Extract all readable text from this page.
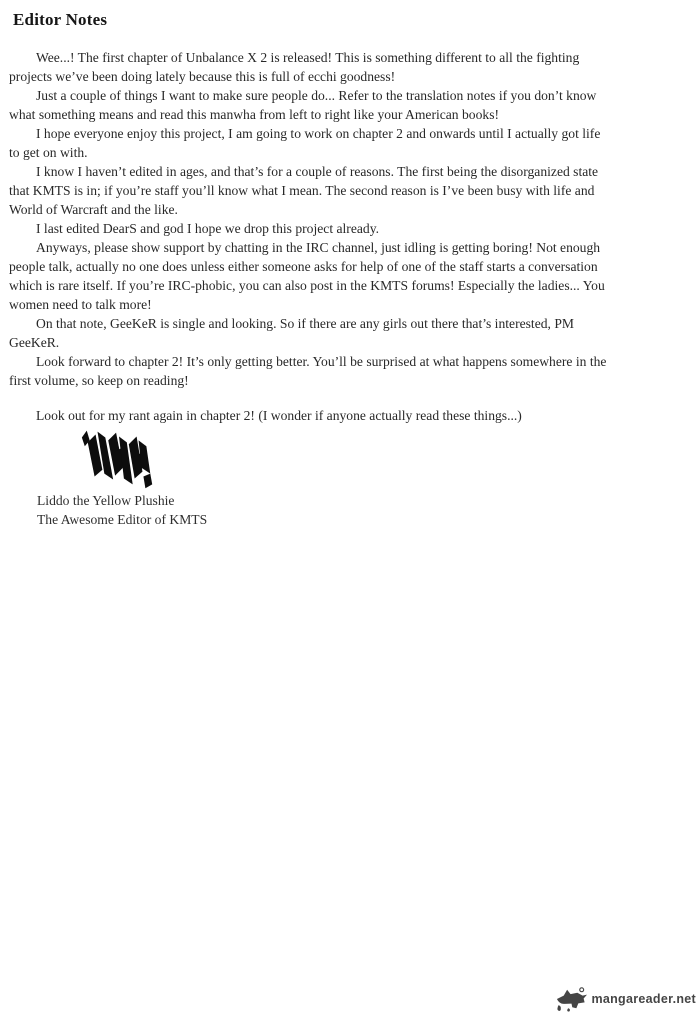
Editor Notes
Wee...! The first chapter of Unbalance X 2 is released! This is something different to all the fighting
projects we’ve been doing lately because this is full of ecchi goodness!
Just a couple of things I want to make sure people do... Refer to the translation notes if you don’t know
what something means and read this manwha from left to right like your American books!
I hope everyone enjoy this project, I am going to work on chapter 2 and onwards until I actually got life
to get on with.
I know I haven’t edited in ages, and that’s for a couple of reasons. The first being the disorganized state
that KMTS is in; if you’re staff you’ll know what I mean. The second reason is I’ve been busy with life and
World of Warcraft and the like.
I last edited DearS and god I hope we drop this project already.
Anyways, please show support by chatting in the IRC channel, just idling is getting boring! Not enough
people talk, actually no one does unless either someone asks for help of one of the staff starts a conversation
which is rare itself. If you’re IRC-phobic, you can also post in the KMTS forums! Especially the ladies... You
women need to talk more!
On that note, GeeKeR is single and looking. So if there are any girls out there that’s interested, PM
GeeKeR.
Look forward to chapter 2! It’s only getting better. You’ll be surprised at what happens somewhere in the
first volume, so keep on reading!
Look out for my rant again in chapter 2! (I wonder if anyone actually read these things...)
Liddo the Yellow Plushie
The Awesome Editor of KMTS
mangareader.net
